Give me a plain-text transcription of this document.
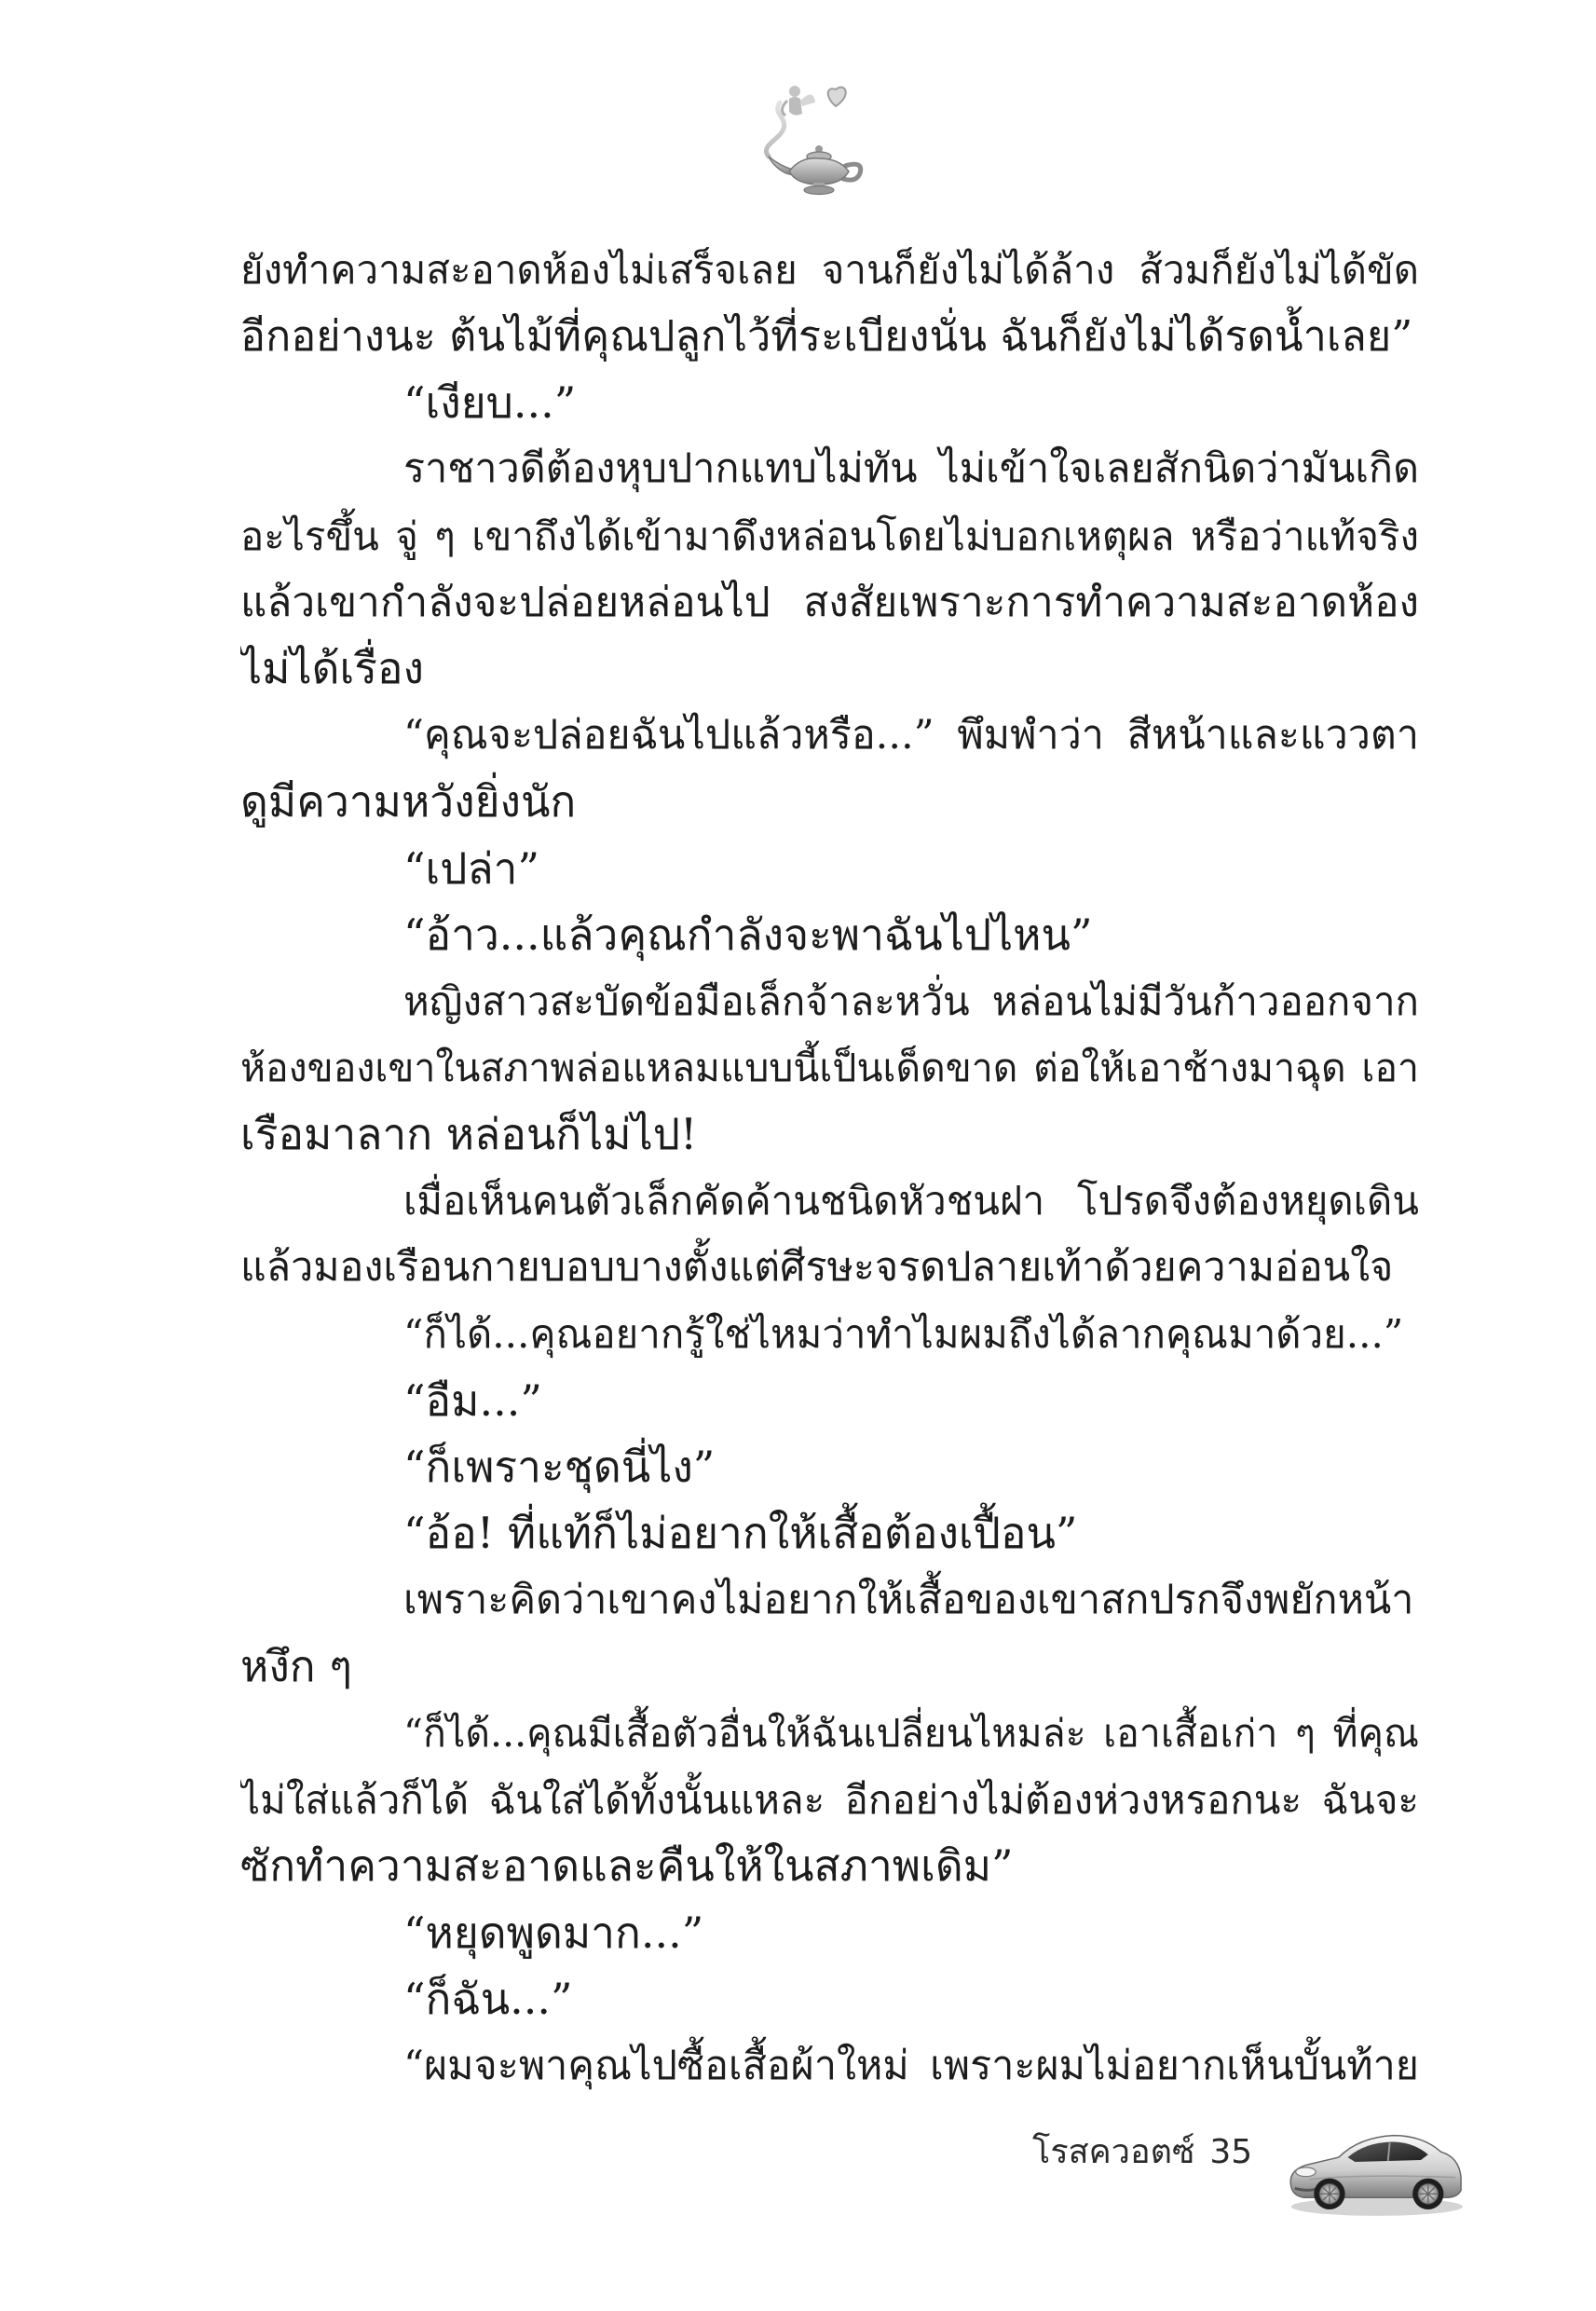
ยังทำความสะอาดห้องไม่เสร็จเลย จานก็ยังไม่ได้ล้าง ส้วมก็ยังไม่ได้ขัด
อีกอย่างนะ ต้นไม้ที่คุณปลูกไว้ที่ระเบียงนั่น ฉันก็ยังไม่ได้รดน้ำเลย”
“เงียบ...”
ราชาวดีต้องหุบปากแทบไม่ทัน ไม่เข้าใจเลยสักนิดว่ามันเกิด
อะไรขึ้น จู่ ๆ เขาถึงได้เข้ามาดึงหล่อนโดยไม่บอกเหตุผล หรือว่าแท้จริง
แล้วเขากำลังจะปล่อยหล่อนไป สงสัยเพราะการทำความสะอาดห้อง
ไม่ได้เรื่อง
“คุณจะปล่อยฉันไปแล้วหรือ...” พึมพำว่า สีหน้าและแววตา
ดูมีความหวังยิ่งนัก
“เปล่า”
“อ้าว...แล้วคุณกำลังจะพาฉันไปไหน”
หญิงสาวสะบัดข้อมือเล็กจ้าละหวั่น หล่อนไม่มีวันก้าวออกจาก
ห้องของเขาในสภาพล่อแหลมแบบนี้เป็นเด็ดขาด ต่อให้เอาช้างมาฉุด เอา
เรือมาลาก หล่อนก็ไม่ไป!
เมื่อเห็นคนตัวเล็กคัดค้านชนิดหัวชนฝา โปรดจึงต้องหยุดเดิน
แล้วมองเรือนกายบอบบางตั้งแต่ศีรษะจรดปลายเท้าด้วยความอ่อนใจ
“ก็ได้...คุณอยากรู้ใช่ไหมว่าทำไมผมถึงได้ลากคุณมาด้วย...”
“อืม...”
“ก็เพราะชุดนี่ไง”
“อ้อ! ที่แท้ก็ไม่อยากให้เสื้อต้องเปื้อน”
เพราะคิดว่าเขาคงไม่อยากให้เสื้อของเขาสกปรกจึงพยักหน้า
หงึก ๆ
“ก็ได้...คุณมีเสื้อตัวอื่นให้ฉันเปลี่ยนไหมล่ะ เอาเสื้อเก่า ๆ ที่คุณ
ไม่ใส่แล้วก็ได้ ฉันใส่ได้ทั้งนั้นแหละ อีกอย่างไม่ต้องห่วงหรอกนะ ฉันจะ
ซักทำความสะอาดและคืนให้ในสภาพเดิม”
“หยุดพูดมาก...”
“ก็ฉัน...”
“ผมจะพาคุณไปซื้อเสื้อผ้าใหม่ เพราะผมไม่อยากเห็นบั้นท้าย
โรสควอตซ์ 35
